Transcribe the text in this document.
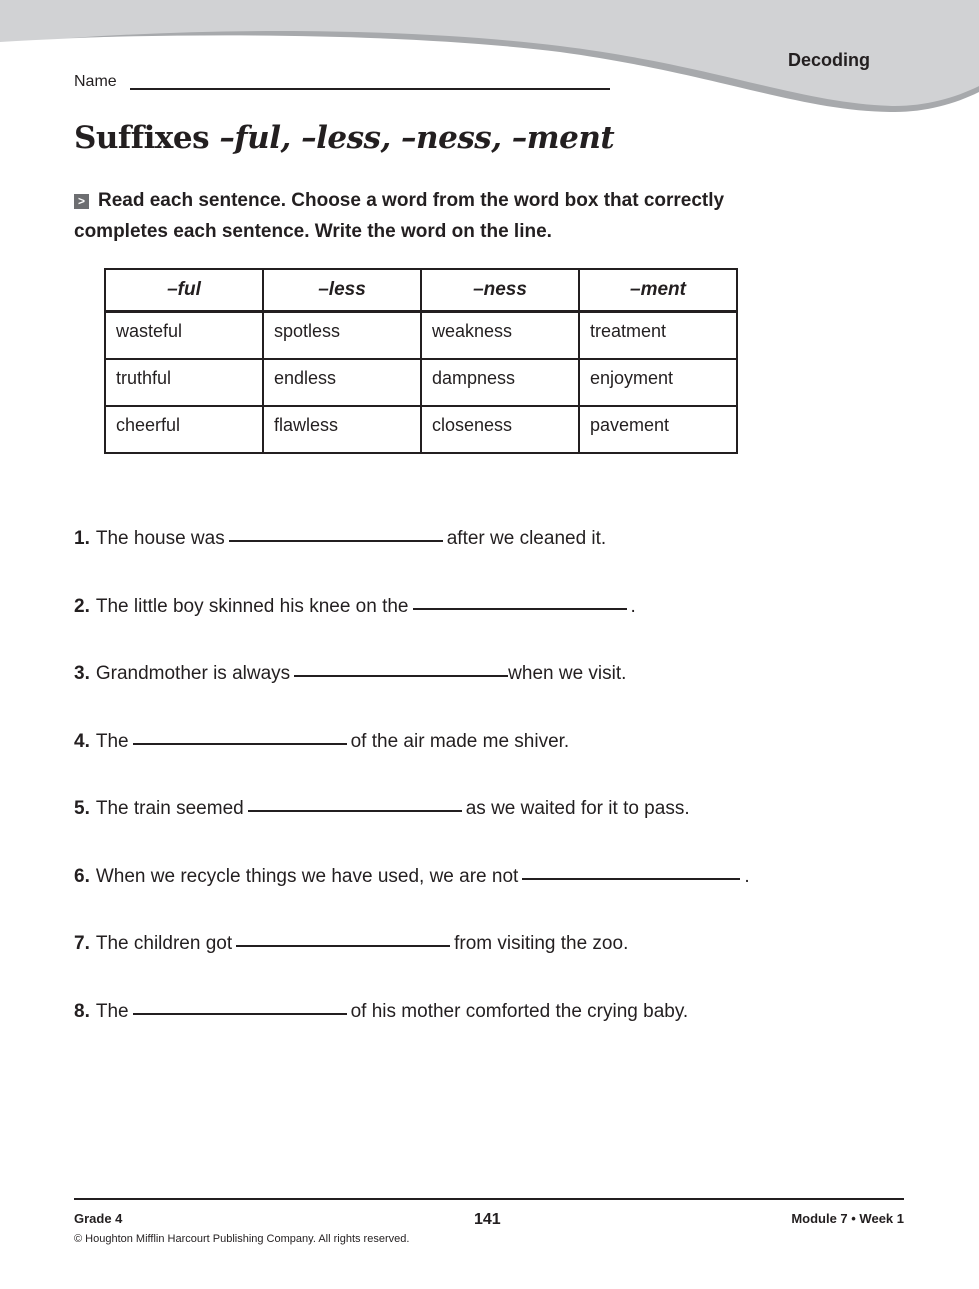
Decoding
Name
Suffixes –ful, –less, –ness, –ment
> Read each sentence. Choose a word from the word box that correctly completes each sentence. Write the word on the line.
–ful	–less	–ness	–ment
wasteful	spotless	weakness	treatment
truthful	endless	dampness	enjoyment
cheerful	flawless	closeness	pavement
1. The house was	after we cleaned it.
2. The little boy skinned his knee on the	.
3. Grandmother is always	when we visit.
4. The	of the air made me shiver.
5. The train seemed	as we waited for it to pass.
6. When we recycle things we have used, we are not	.
7. The children got	from visiting the zoo.
8. The	of his mother comforted the crying baby.
Grade 4	141	Module 7 • Week 1
© Houghton Mifflin Harcourt Publishing Company. All rights reserved.
